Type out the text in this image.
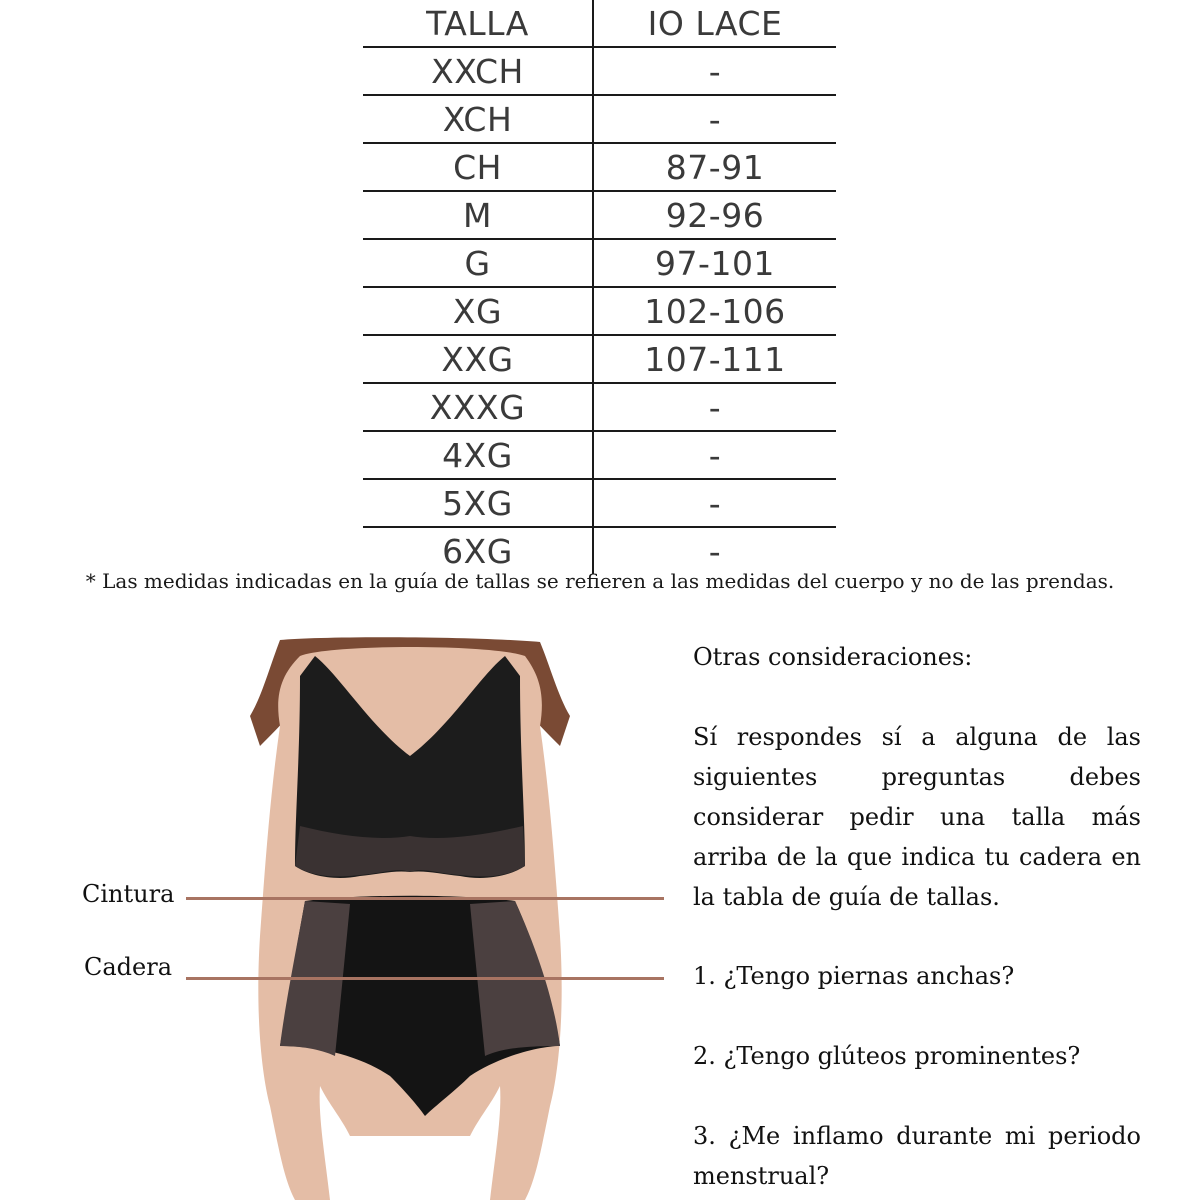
TALLA	IO LACE
XXCH	-
XCH	-
CH	87-91
M	92-96
G	97-101
XG	102-106
XXG	107-111
XXXG	-
4XG	-
5XG	-
6XG	-
* Las medidas indicadas en la guía de tallas se refieren a las medidas del cuerpo y no de las prendas.
Cintura
Cadera
Otras consideraciones:
Sí respondes sí a alguna de las siguientes preguntas debes considerar pedir una talla más arriba de la que indica tu cadera en la tabla de guía de tallas.
1. ¿Tengo piernas anchas?
2. ¿Tengo glúteos prominentes?
3. ¿Me inflamo durante mi periodo menstrual?
